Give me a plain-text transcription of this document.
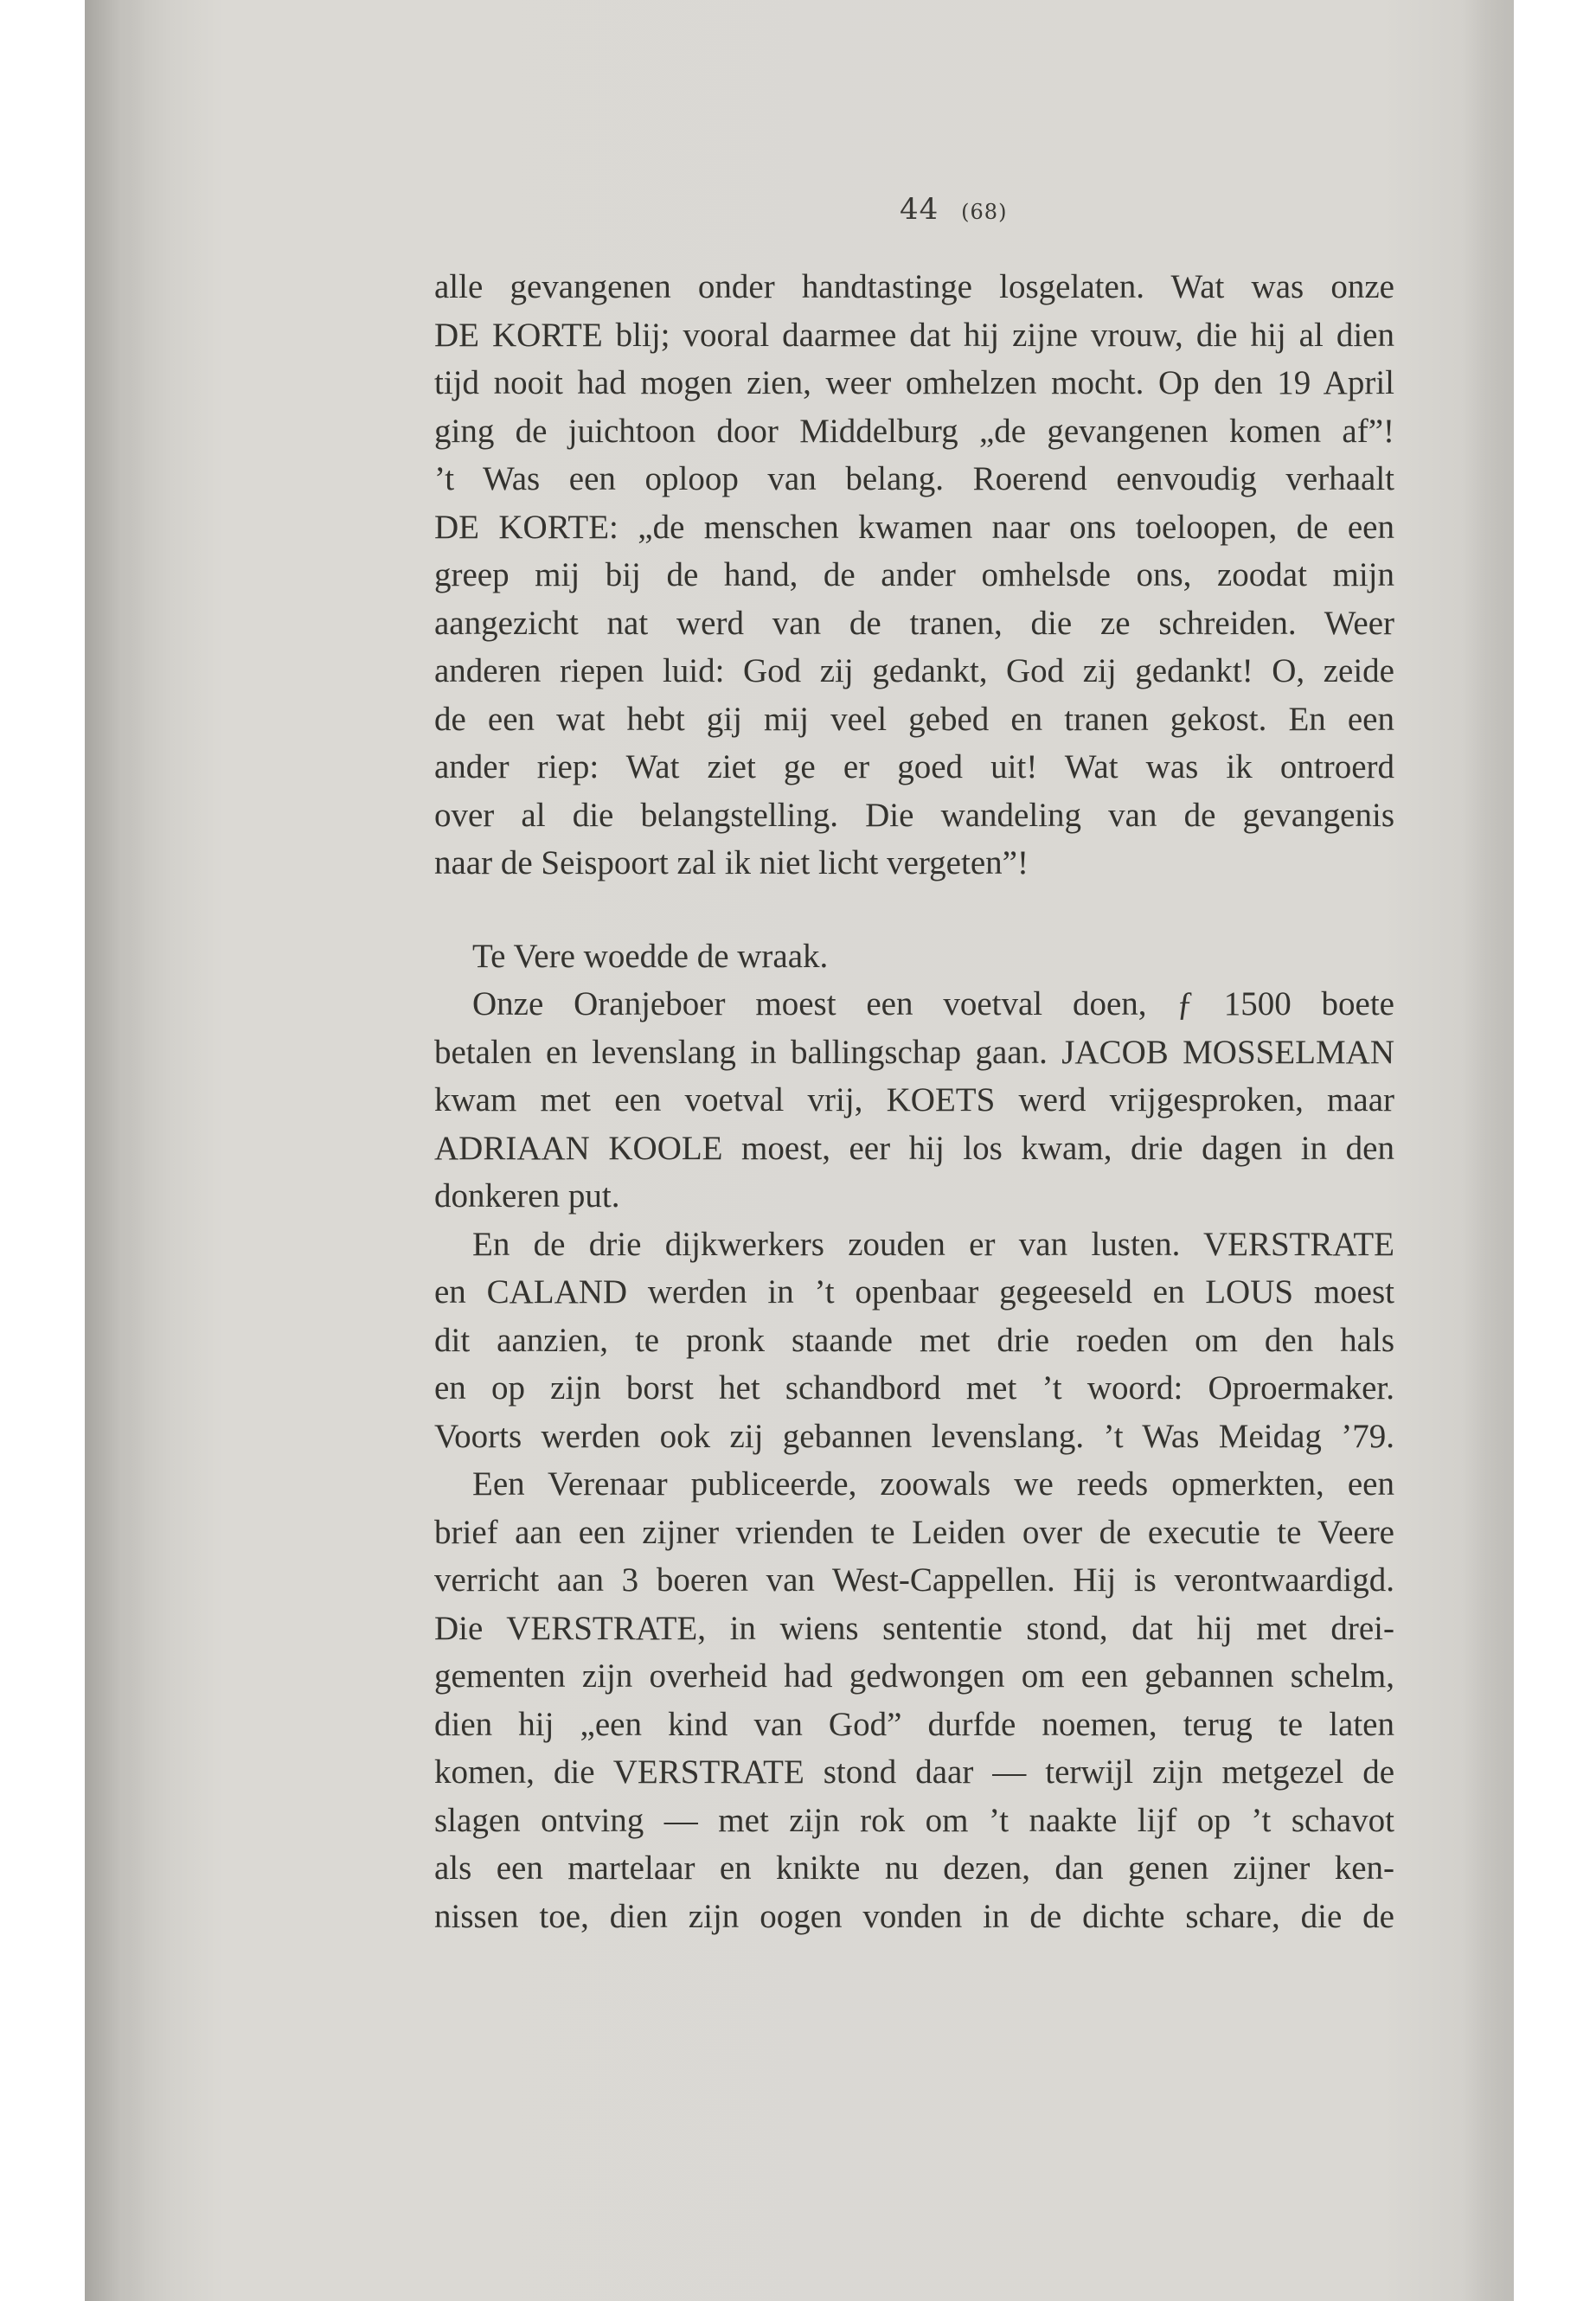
44 (68)
alle gevangenen onder handtastinge losgelaten. Wat was onze
DE KORTE blij; vooral daarmee dat hij zijne vrouw, die hij al dien
tijd nooit had mogen zien, weer omhelzen mocht. Op den 19 April
ging de juichtoon door Middelburg „de gevangenen komen af”!
’t Was een oploop van belang. Roerend eenvoudig verhaalt
DE KORTE: „de menschen kwamen naar ons toeloopen, de een
greep mij bij de hand, de ander omhelsde ons, zoodat mijn
aangezicht nat werd van de tranen, die ze schreiden. Weer
anderen riepen luid: God zij gedankt, God zij gedankt! O, zeide
de een wat hebt gij mij veel gebed en tranen gekost. En een
ander riep: Wat ziet ge er goed uit! Wat was ik ontroerd
over al die belangstelling. Die wandeling van de gevangenis
naar de Seispoort zal ik niet licht vergeten”!
Te Vere woedde de wraak.
Onze Oranjeboer moest een voetval doen, ƒ 1500 boete
betalen en levenslang in ballingschap gaan. JACOB MOSSELMAN
kwam met een voetval vrij, KOETS werd vrijgesproken, maar
ADRIAAN KOOLE moest, eer hij los kwam, drie dagen in den
donkeren put.
En de drie dijkwerkers zouden er van lusten. VERSTRATE
en CALAND werden in ’t openbaar gegeeseld en LOUS moest
dit aanzien, te pronk staande met drie roeden om den hals
en op zijn borst het schandbord met ’t woord: Oproermaker.
Voorts werden ook zij gebannen levenslang. ’t Was Meidag ’79.
Een Verenaar publiceerde, zoowals we reeds opmerkten, een
brief aan een zijner vrienden te Leiden over de executie te Veere
verricht aan 3 boeren van West-Cappellen. Hij is verontwaardigd.
Die VERSTRATE, in wiens sententie stond, dat hij met drei-
gementen zijn overheid had gedwongen om een gebannen schelm,
dien hij „een kind van God” durfde noemen, terug te laten
komen, die VERSTRATE stond daar — terwijl zijn metgezel de
slagen ontving — met zijn rok om ’t naakte lijf op ’t schavot
als een martelaar en knikte nu dezen, dan genen zijner ken-
nissen toe, dien zijn oogen vonden in de dichte schare, die de
